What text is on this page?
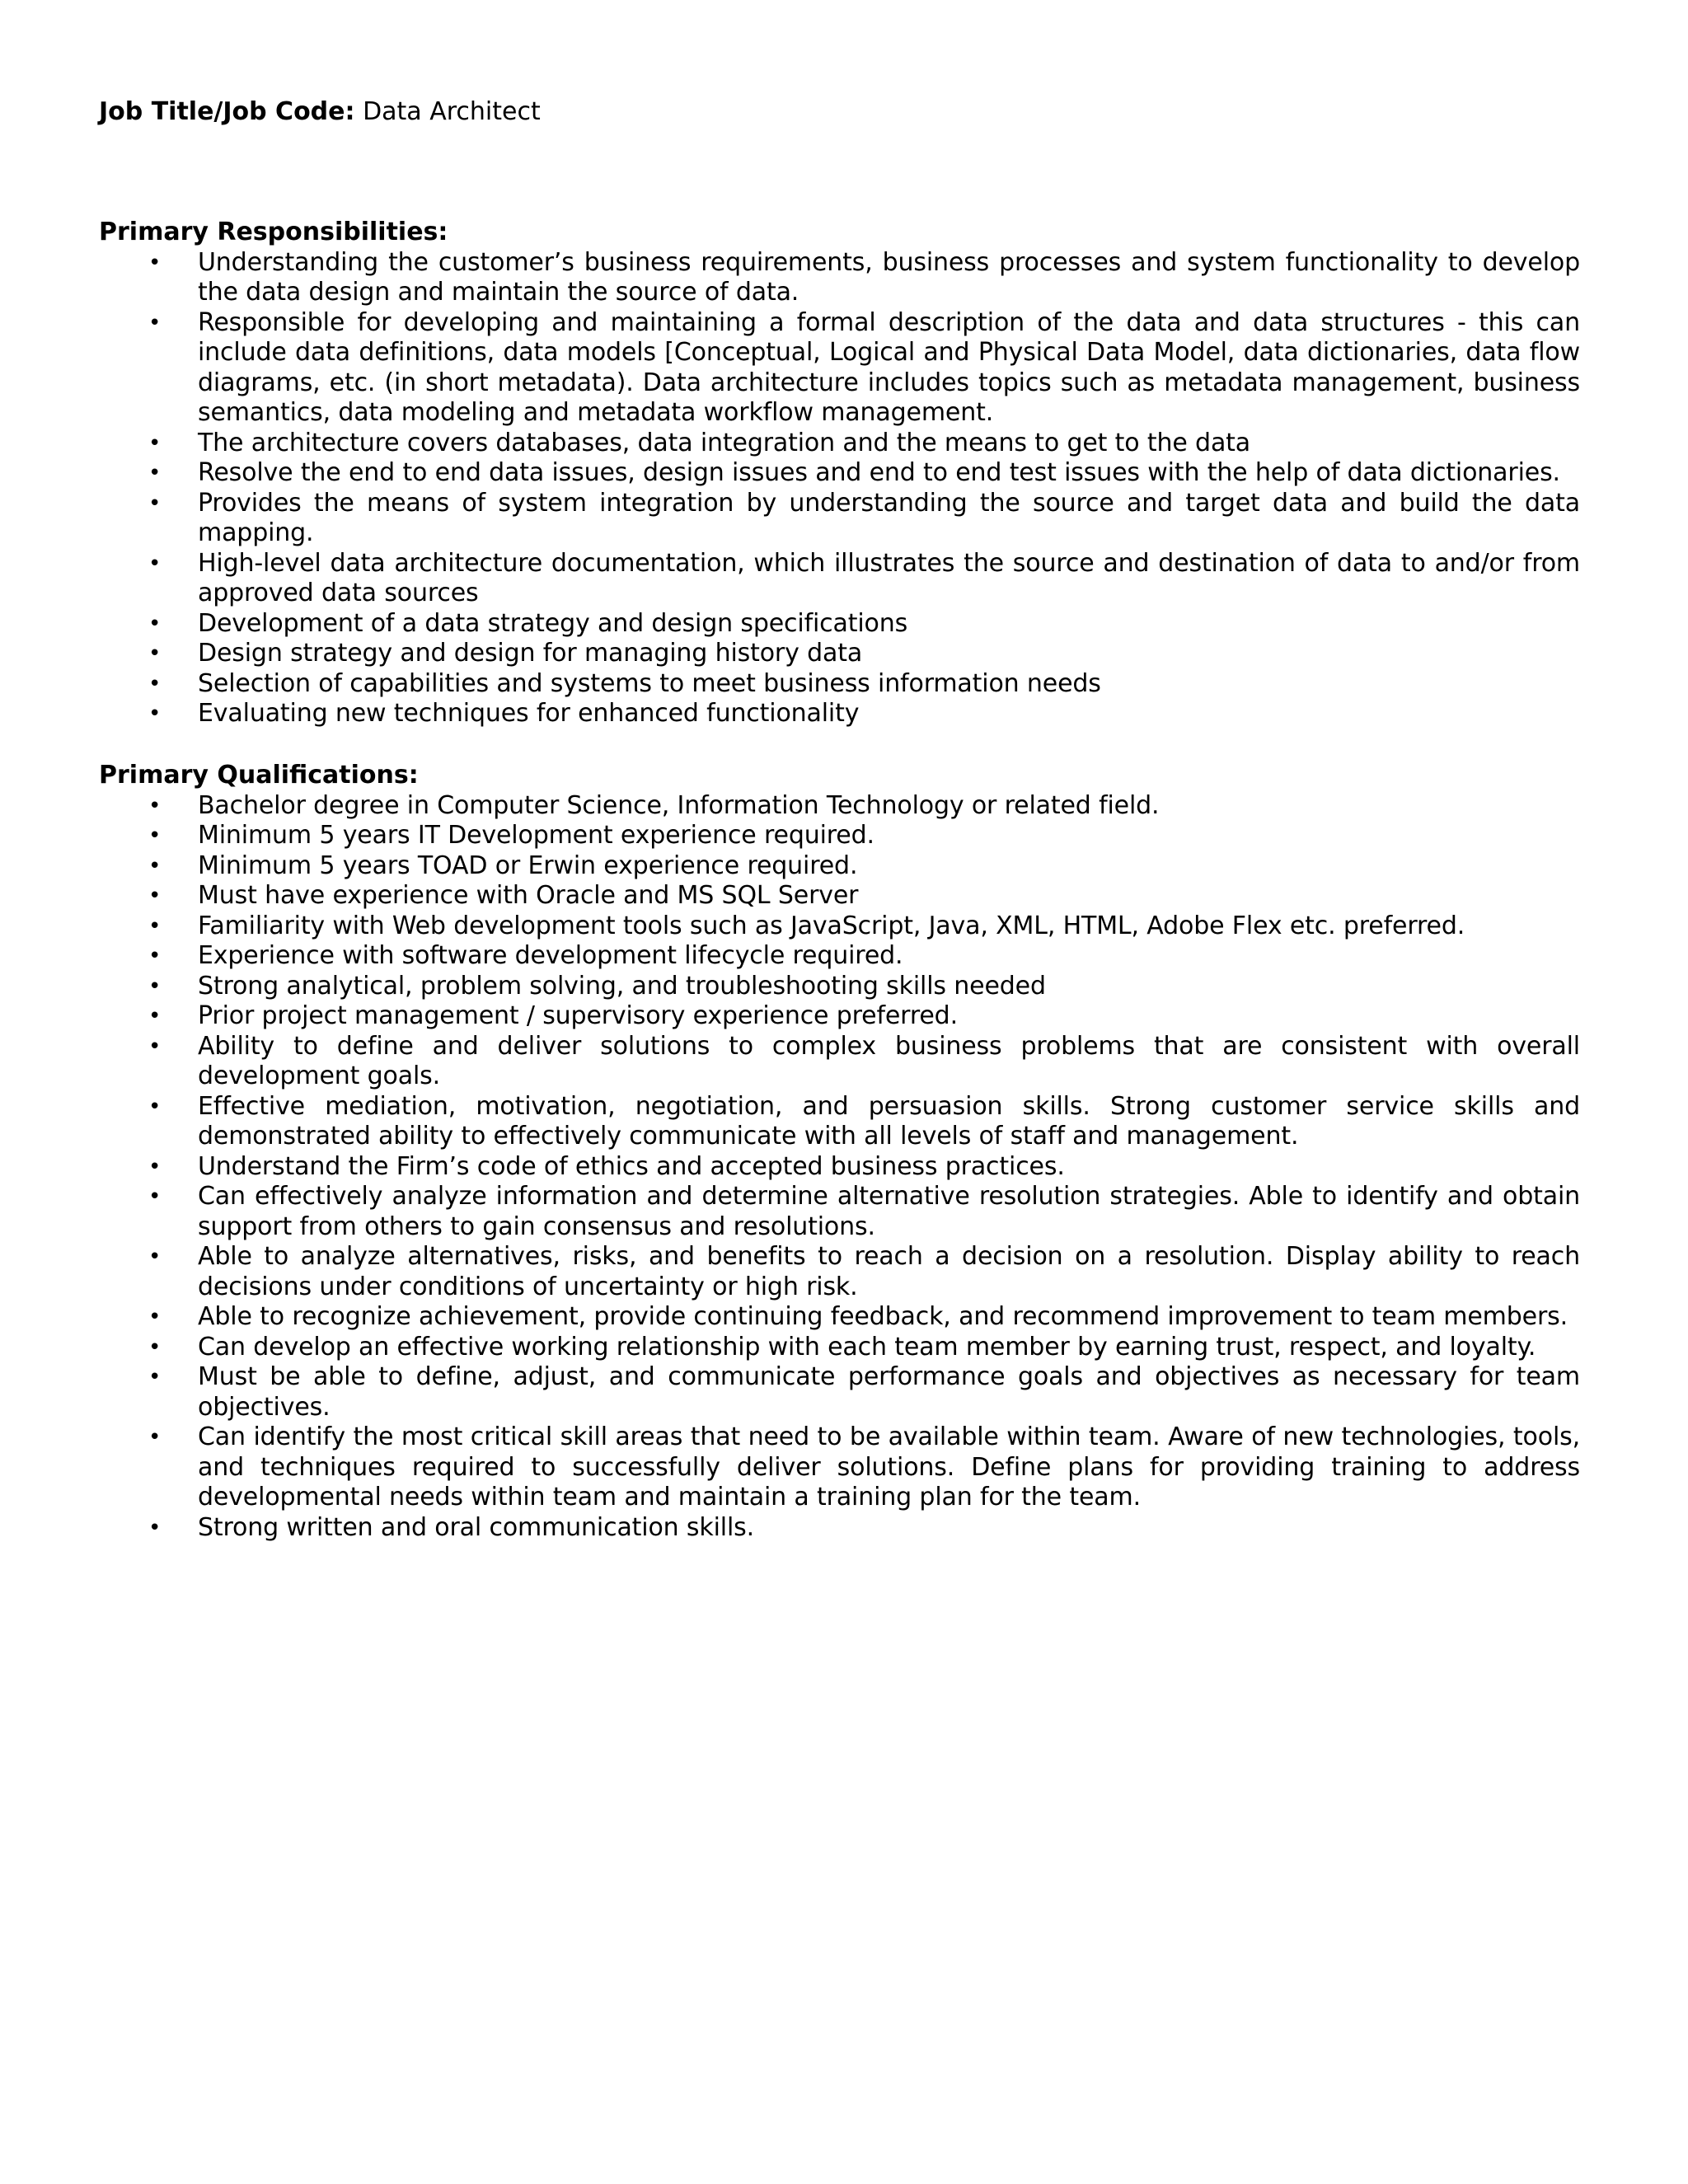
Job Title/Job Code: Data Architect
Primary Responsibilities:
• Understanding the customer’s business requirements, business processes and system functionality to develop the data design and maintain the source of data.
• Responsible for developing and maintaining a formal description of the data and data structures - this can include data definitions, data models [Conceptual, Logical and Physical Data Model, data dictionaries, data flow diagrams, etc. (in short metadata). Data architecture includes topics such as metadata management, business semantics, data modeling and metadata workflow management.
• The architecture covers databases, data integration and the means to get to the data
• Resolve the end to end data issues, design issues and end to end test issues with the help of data dictionaries.
• Provides the means of system integration by understanding the source and target data and build the data mapping.
• High-level data architecture documentation, which illustrates the source and destination of data to and/or from approved data sources
• Development of a data strategy and design specifications
• Design strategy and design for managing history data
• Selection of capabilities and systems to meet business information needs
• Evaluating new techniques for enhanced functionality
Primary Qualifications:
• Bachelor degree in Computer Science, Information Technology or related field.
• Minimum 5 years IT Development experience required.
• Minimum 5 years TOAD or Erwin experience required.
• Must have experience with Oracle and MS SQL Server
• Familiarity with Web development tools such as JavaScript, Java, XML, HTML, Adobe Flex etc. preferred.
• Experience with software development lifecycle required.
• Strong analytical, problem solving, and troubleshooting skills needed
• Prior project management / supervisory experience preferred.
• Ability to define and deliver solutions to complex business problems that are consistent with overall development goals.
• Effective mediation, motivation, negotiation, and persuasion skills. Strong customer service skills and demonstrated ability to effectively communicate with all levels of staff and management.
• Understand the Firm’s code of ethics and accepted business practices.
• Can effectively analyze information and determine alternative resolution strategies. Able to identify and obtain support from others to gain consensus and resolutions.
• Able to analyze alternatives, risks, and benefits to reach a decision on a resolution. Display ability to reach decisions under conditions of uncertainty or high risk.
• Able to recognize achievement, provide continuing feedback, and recommend improvement to team members.
• Can develop an effective working relationship with each team member by earning trust, respect, and loyalty.
• Must be able to define, adjust, and communicate performance goals and objectives as necessary for team objectives.
• Can identify the most critical skill areas that need to be available within team. Aware of new technologies, tools, and techniques required to successfully deliver solutions. Define plans for providing training to address developmental needs within team and maintain a training plan for the team.
• Strong written and oral communication skills.
